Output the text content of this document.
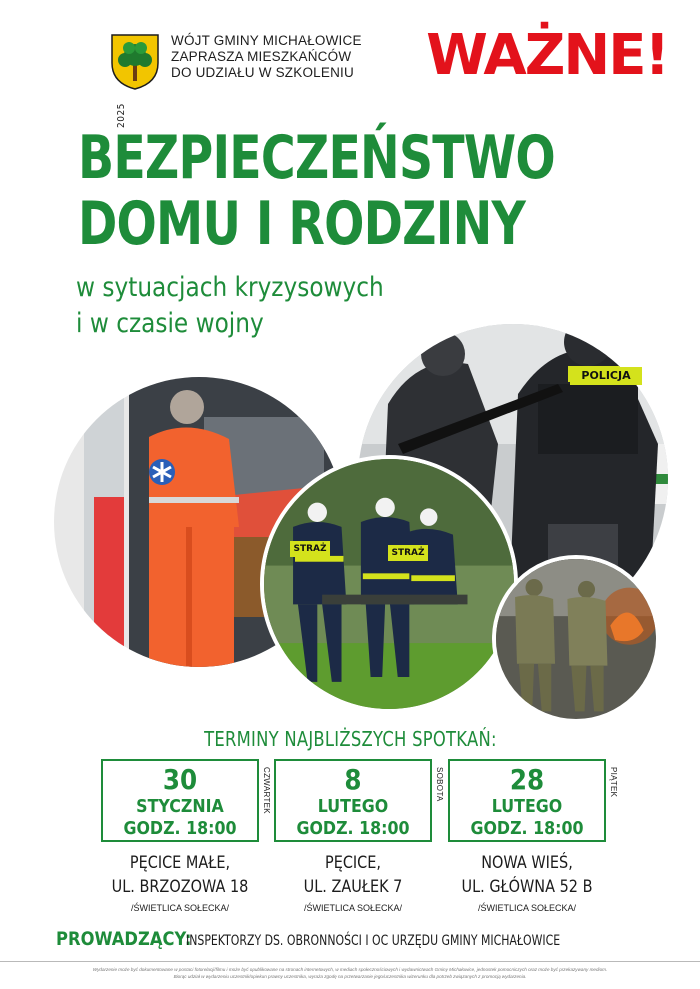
2025
WÓJT GMINY MICHAŁOWICE
ZAPRASZA MIESZKAŃCÓW
DO UDZIAŁU W SZKOLENIU	WAŻNE!
BEZPIECZEŃSTWO
DOMU I RODZINY
w sytuacjach kryzysowych
i w czasie wojny
POLICJA
STRAŻ	STRAŻ
TERMINY NAJBLIŻSZYCH SPOTKAŃ:
30
STYCZNIA
GODZ. 18:00
CZWARTEK	8
LUTEGO
GODZ. 18:00
SOBOTA	28
LUTEGO
GODZ. 18:00
PIĄTEK
PĘCICE MAŁE,
UL. BRZOZOWA 18
/ŚWIETLICA SOŁECKA/
PĘCICE,
UL. ZAUŁEK 7
/ŚWIETLICA SOŁECKA/
NOWA WIEŚ,
UL. GŁÓWNA 52 B
/ŚWIETLICA SOŁECKA/
PROWADZĄCY: INSPEKTORZY DS. OBRONNOŚCI I OC URZĘDU GMINY MICHAŁOWICE
Wydarzenie może być dokumentowane w postaci fotorelacji/filmu i może być opublikowane na stronach internetowych, w mediach społecznościowych i wydawnictwach Gminy Michałowice, jednostek pomocniczych oraz może być przekazywany mediom.
Biorąc udział w wydarzeniu uczestnik/opiekun prawny uczestnika, wyraża zgodę na przetwarzanie jego/uczestnika wizerunku dla potrzeb związanych z promocją wydarzenia.
